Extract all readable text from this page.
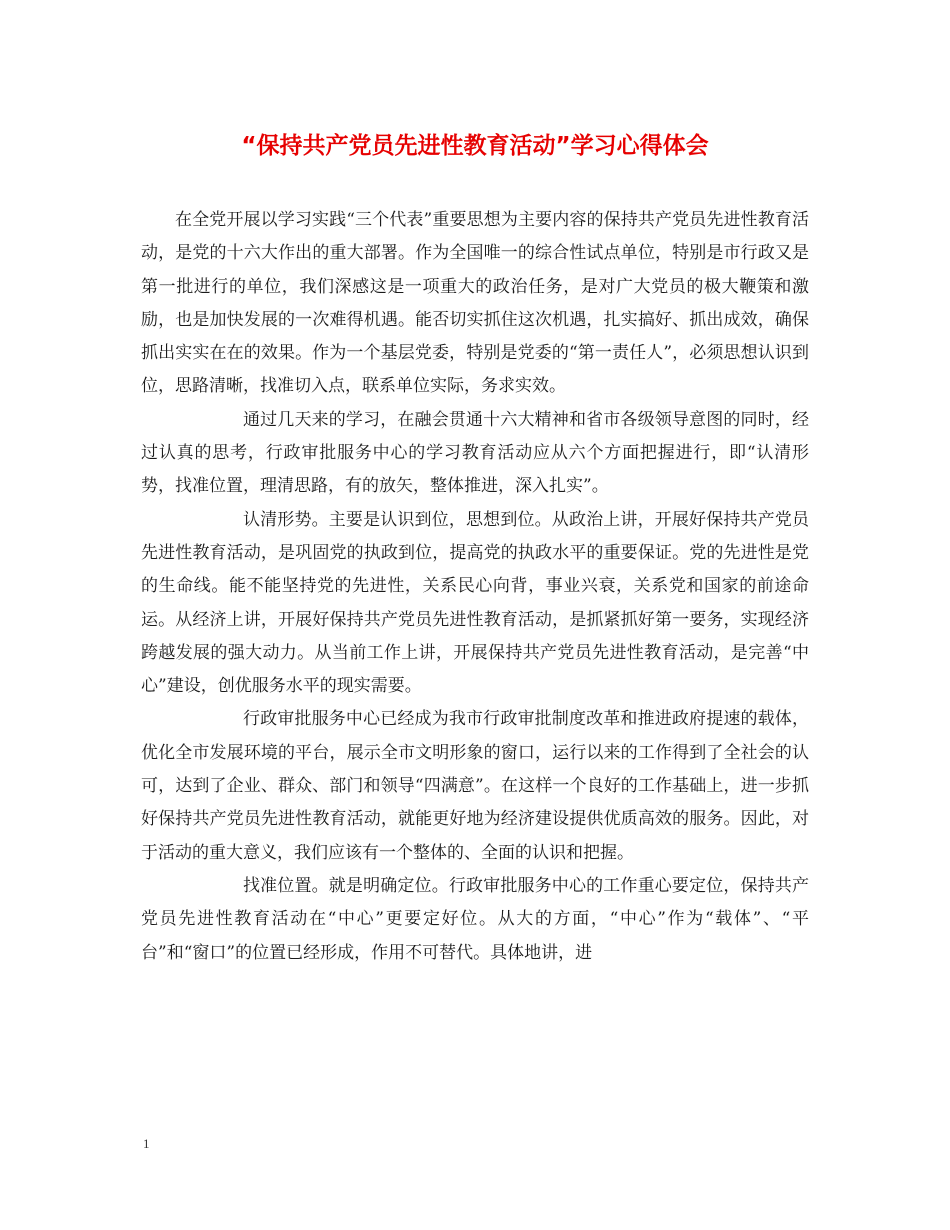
“保持共产党员先进性教育活动”学习心得体会

在全党开展以学习实践“三个代表”重要思想为主要内容的保持共产党员先进性教育活动，是党的十六大作出的重大部署。作为全国唯一的综合性试点单位，特别是市行政又是第一批进行的单位，我们深感这是一项重大的政治任务，是对广大党员的极大鞭策和激励，也是加快发展的一次难得机遇。能否切实抓住这次机遇，扎实搞好、抓出成效，确保抓出实实在在的效果。作为一个基层党委，特别是党委的“第一责任人”，必须思想认识到位，思路清晰，找准切入点，联系单位实际，务求实效。

通过几天来的学习，在融会贯通十六大精神和省市各级领导意图的同时，经过认真的思考，行政审批服务中心的学习教育活动应从六个方面把握进行，即“认清形势，找准位置，理清思路，有的放矢，整体推进，深入扎实”。

认清形势。主要是认识到位，思想到位。从政治上讲，开展好保持共产党员先进性教育活动，是巩固党的执政到位，提高党的执政水平的重要保证。党的先进性是党的生命线。能不能坚持党的先进性，关系民心向背，事业兴衰，关系党和国家的前途命运。从经济上讲，开展好保持共产党员先进性教育活动，是抓紧抓好第一要务，实现经济跨越发展的强大动力。从当前工作上讲，开展保持共产党员先进性教育活动，是完善“中心”建设，创优服务水平的现实需要。

行政审批服务中心已经成为我市行政审批制度改革和推进政府提速的载体，优化全市发展环境的平台，展示全市文明形象的窗口，运行以来的工作得到了全社会的认可，达到了企业、群众、部门和领导“四满意”。在这样一个良好的工作基础上，进一步抓好保持共产党员先进性教育活动，就能更好地为经济建设提供优质高效的服务。因此，对于活动的重大意义，我们应该有一个整体的、全面的认识和把握。

找准位置。就是明确定位。行政审批服务中心的工作重心要定位，保持共产党员先进性教育活动在“中心”更要定好位。从大的方面，“中心”作为“载体”、“平台”和“窗口”的位置已经形成，作用不可替代。具体地讲，进

1
